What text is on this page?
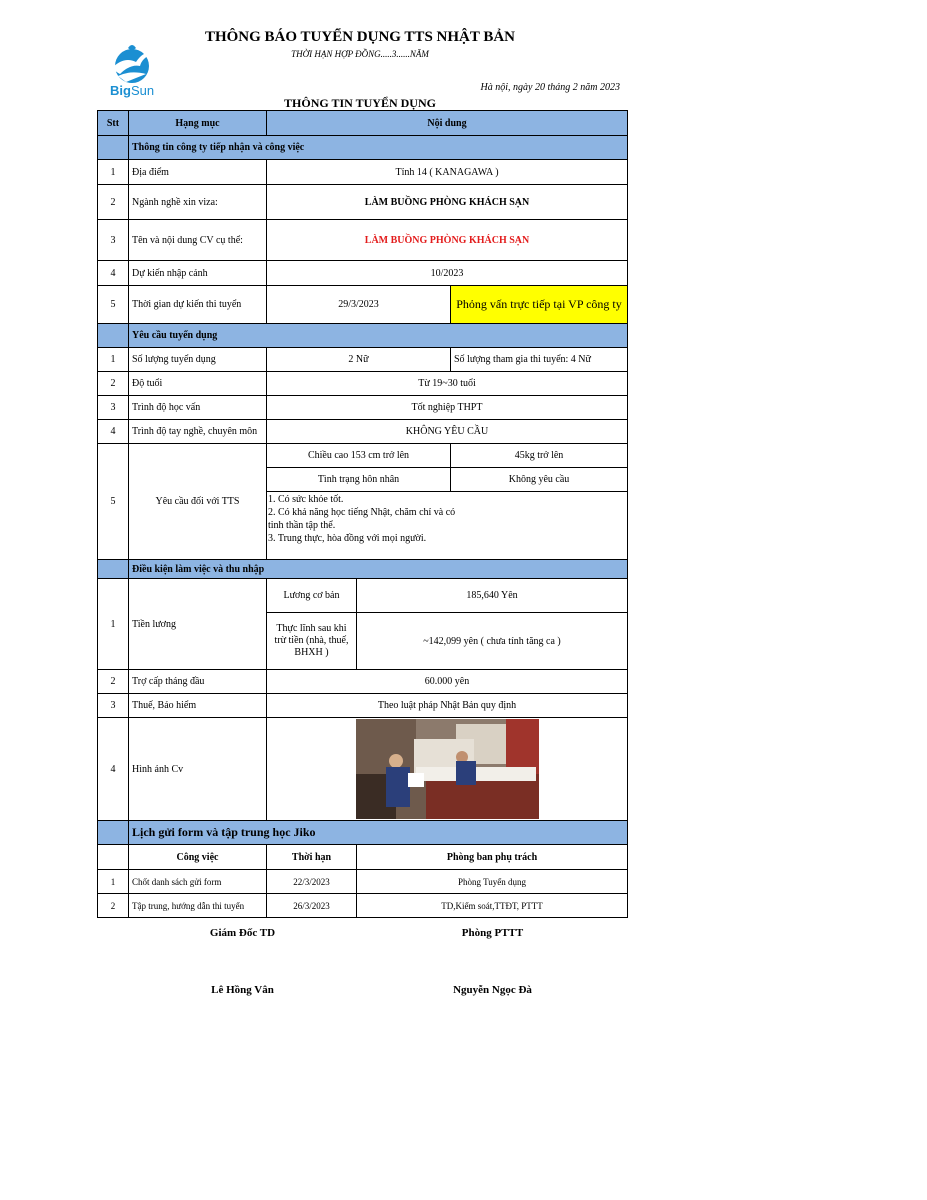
BigSun
THÔNG BÁO TUYỂN DỤNG TTS NHẬT BẢN
THỜI HẠN HỢP ĐỒNG.....3......NĂM
Hà nội, ngày 20 tháng 2 năm 2023
THÔNG TIN TUYỂN DỤNG
Stt	Hạng mục	Nội dung		
	Thông tin công ty tiếp nhận và công việc			
1	Địa điểm	Tỉnh 14 ( KANAGAWA )		
2	Ngành nghề xin viza:	LÀM BUỒNG PHÒNG KHÁCH SẠN		
3	Tên và nội dung CV cụ thể:	LÀM BUỒNG PHÒNG KHÁCH SẠN		
4	Dự kiến nhập cảnh	10/2023		
5	Thời gian dự kiến thi tuyển	29/3/2023		Phỏng vấn trực tiếp tại VP công ty
	Yêu cầu tuyển dụng			
1	Số lượng tuyển dụng	2 Nữ		Số lượng tham gia thi tuyển: 4 Nữ
2	Độ tuổi	Từ 19~30 tuổi		
3	Trình độ học vấn	Tốt nghiệp THPT		
4	Trình độ tay nghề, chuyên môn	KHÔNG YÊU CẦU		
5	Yêu cầu đối với TTS	Chiều cao 153 cm trở lên		45kg trở lên
		Tình trạng hôn nhân		Không yêu cầu

		1. Có sức khỏe tốt.
2. Có khả năng học tiếng Nhật, chăm chỉ và có tinh thần tập thể.
3. Trung thực, hòa đồng với mọi người.		

	Điều kiện làm việc và thu nhập			
1	Tiền lương	Lương cơ bản	185,640 Yên	
		Thực lĩnh sau khi trừ tiền (nhà, thuế, BHXH )	~142,099 yên ( chưa tính tăng ca )	
2	Trợ cấp tháng đầu	60.000 yên		
3	Thuế, Bảo hiểm	Theo luật pháp Nhật Bản quy định		
4	Hình ảnh Cv	

	Lịch gửi form và tập trung học Jiko			
	Công việc	Thời hạn	Phòng ban phụ trách	
1	Chốt danh sách gửi form	22/3/2023	Phòng Tuyển dụng	
2	Tập trung, hướng dẫn thi tuyển	26/3/2023	TD,Kiểm soát,TTĐT, PTTT	
Giám Đốc TD	Phòng PTTT
Lê Hồng Vân	Nguyễn Ngọc Đà
